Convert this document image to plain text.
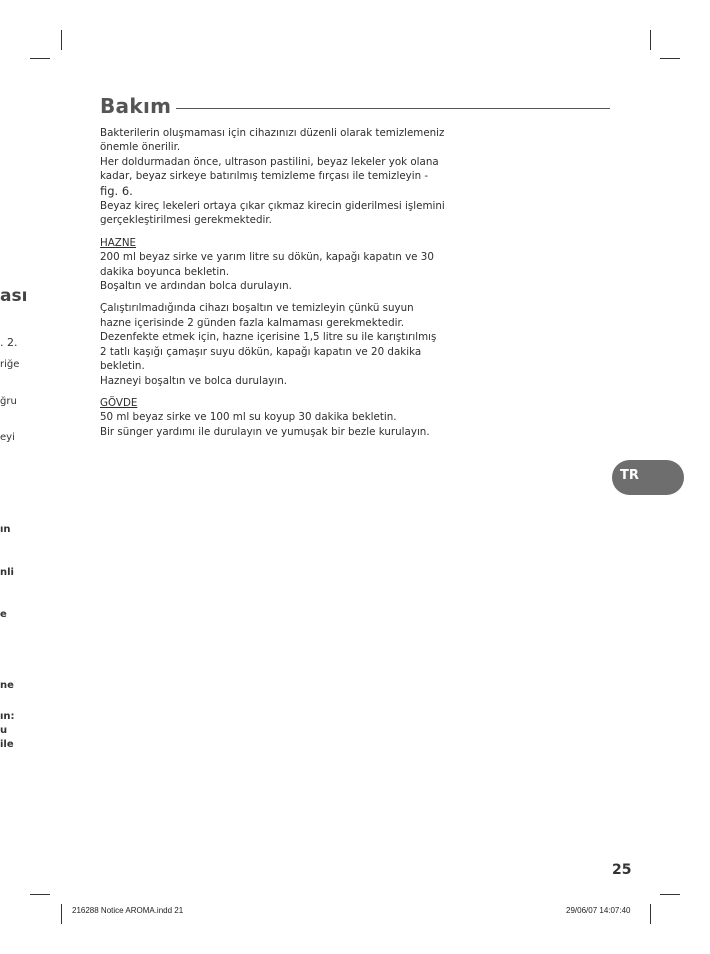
Bakım

Bakterilerin oluşmaması için cihazınızı düzenli olarak temizlemeniz önemle önerilir.

Her doldurmadan önce, ultrason pastilini, beyaz lekeler yok olana kadar, beyaz sirkeye batırılmış temizleme fırçası ile temizleyin - fig. 6.

Beyaz kireç lekeleri ortaya çıkar çıkmaz kirecin giderilmesi işlemini gerçekleştirilmesi gerekmektedir.

HAZNE

200 ml beyaz sirke ve yarım litre su dökün, kapağı kapatın ve 30 dakika boyunca bekletin.

Boşaltın ve ardından bolca durulayın.

Çalıştırılmadığında cihazı boşaltın ve temizleyin çünkü suyun hazne içerisinde 2 günden fazla kalmaması gerekmektedir.

Dezenfekte etmek için, hazne içerisine 1,5 litre su ile karıştırılmış 2 tatlı kaşığı çamaşır suyu dökün, kapağı kapatın ve 20 dakika bekletin.

Hazneyi boşaltın ve bolca durulayın.

GÖVDE

50 ml beyaz sirke ve 100 ml su koyup 30 dakika bekletin.

Bir sünger yardımı ile durulayın ve yumuşak bir bezle kurulayın.

ası
. 2.
riğe
ğru
eyi
ın
nli
e
ne
ın:
u
ile
TR
25
216288 Notice AROMA.indd 21	29/06/07 14:07:40
